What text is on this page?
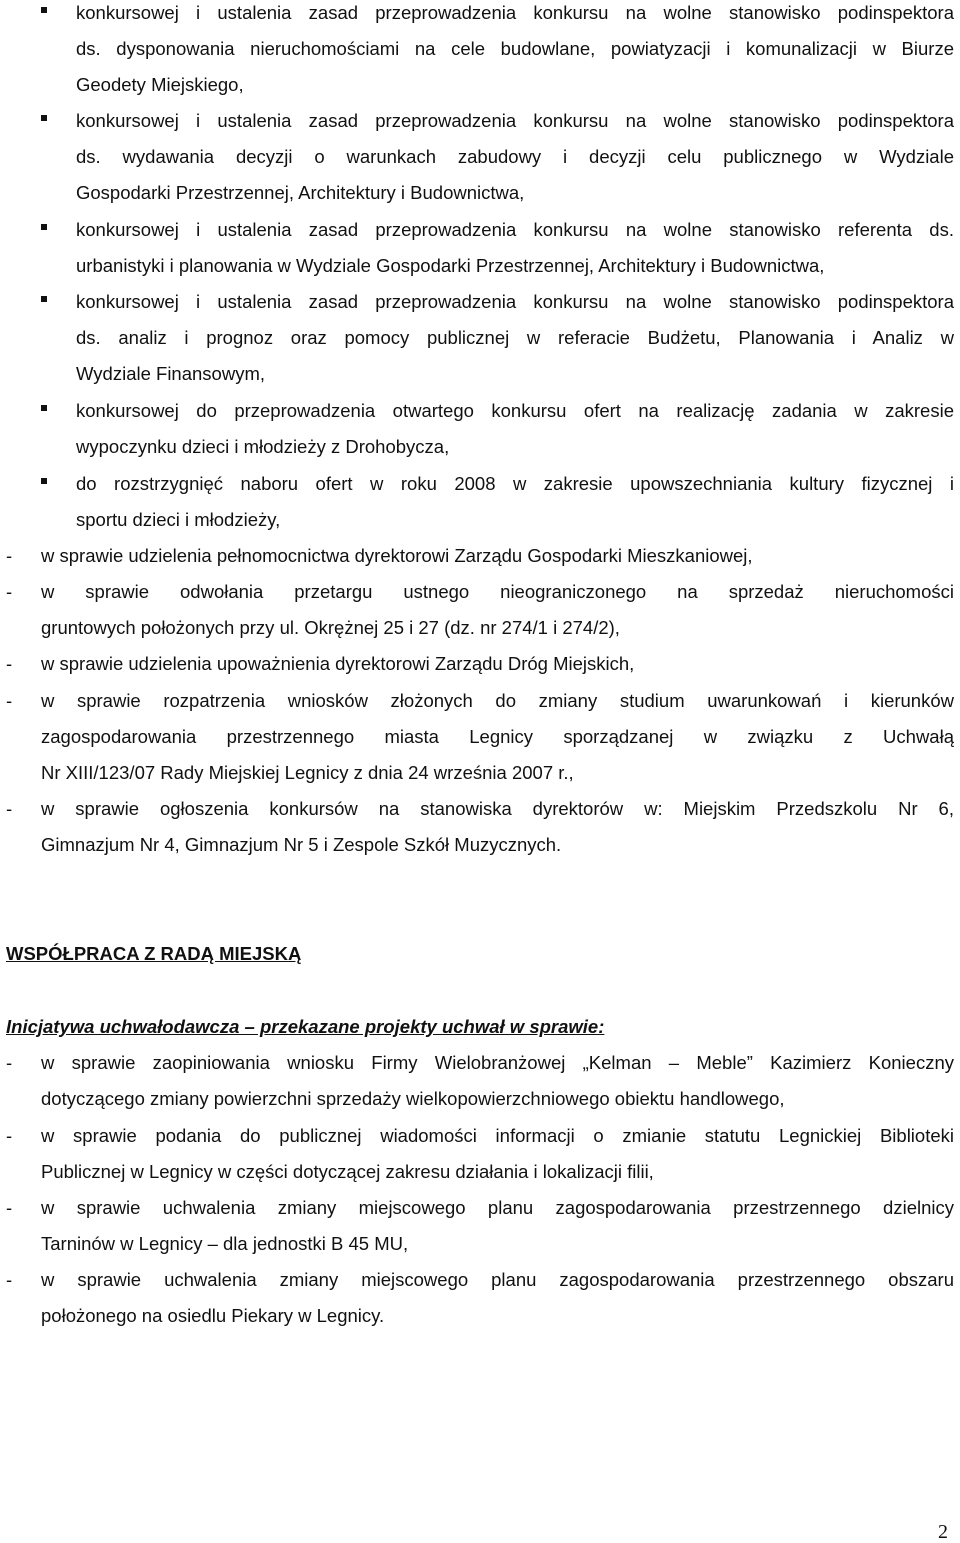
konkursowej i ustalenia zasad przeprowadzenia konkursu na wolne stanowisko podinspektora
ds. dysponowania nieruchomościami na cele budowlane, powiatyzacji i komunalizacji w Biurze
Geodety Miejskiego,
konkursowej i ustalenia zasad przeprowadzenia konkursu na wolne stanowisko podinspektora
ds. wydawania decyzji o warunkach zabudowy i decyzji celu publicznego w Wydziale
Gospodarki Przestrzennej, Architektury i Budownictwa,
konkursowej i ustalenia zasad przeprowadzenia konkursu na wolne stanowisko referenta ds.
urbanistyki i planowania w Wydziale Gospodarki Przestrzennej, Architektury i Budownictwa,
konkursowej i ustalenia zasad przeprowadzenia konkursu na wolne stanowisko podinspektora
ds. analiz i prognoz oraz pomocy publicznej w referacie Budżetu, Planowania i Analiz w
Wydziale Finansowym,
konkursowej do przeprowadzenia otwartego konkursu ofert na realizację zadania w zakresie
wypoczynku dzieci i młodzieży z Drohobycza,
do rozstrzygnięć naboru ofert w roku 2008 w zakresie upowszechniania kultury fizycznej i
sportu dzieci i młodzieży,
- w sprawie udzielenia pełnomocnictwa dyrektorowi Zarządu Gospodarki Mieszkaniowej,
- w sprawie odwołania przetargu ustnego nieograniczonego na sprzedaż nieruchomości
gruntowych położonych przy ul. Okrężnej 25 i 27 (dz. nr 274/1 i 274/2),
- w sprawie udzielenia upoważnienia dyrektorowi Zarządu Dróg Miejskich,
- w sprawie rozpatrzenia wniosków złożonych do zmiany studium uwarunkowań i kierunków
zagospodarowania przestrzennego miasta Legnicy sporządzanej w związku z Uchwałą
Nr XIII/123/07 Rady Miejskiej Legnicy z dnia 24 września 2007 r.,
- w sprawie ogłoszenia konkursów na stanowiska dyrektorów w: Miejskim Przedszkolu Nr 6,
Gimnazjum Nr 4, Gimnazjum Nr 5 i Zespole Szkół Muzycznych.
WSPÓŁPRACA Z RADĄ MIEJSKĄ
Inicjatywa uchwałodawcza – przekazane projekty uchwał w sprawie:
- w sprawie zaopiniowania wniosku Firmy Wielobranżowej „Kelman – Meble” Kazimierz Konieczny
dotyczącego zmiany powierzchni sprzedaży wielkopowierzchniowego obiektu handlowego,
- w sprawie podania do publicznej wiadomości informacji o zmianie statutu Legnickiej Biblioteki
Publicznej w Legnicy w części dotyczącej zakresu działania i lokalizacji filii,
- w sprawie uchwalenia zmiany miejscowego planu zagospodarowania przestrzennego dzielnicy
Tarninów w Legnicy – dla jednostki B 45 MU,
- w sprawie uchwalenia zmiany miejscowego planu zagospodarowania przestrzennego obszaru
położonego na osiedlu Piekary w Legnicy.
2
